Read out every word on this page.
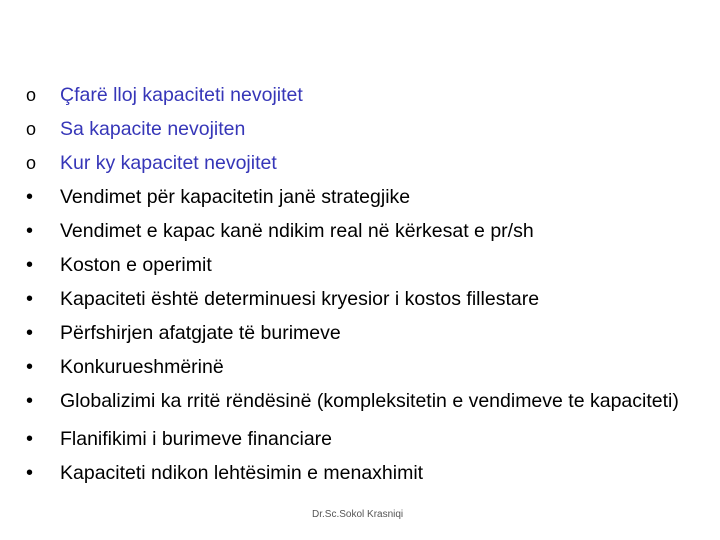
o	Çfarë lloj kapaciteti nevojitet
o	Sa kapacite nevojiten
o	Kur ky kapacitet nevojitet
•	Vendimet për kapacitetin janë strategjike
•	Vendimet e kapac kanë ndikim real në kërkesat e pr/sh
•	Koston e operimit
•	Kapaciteti është determinuesi kryesior i kostos fillestare
•	Përfshirjen afatgjate të burimeve
•	Konkurueshmërinë
•	Globalizimi ka rritë rëndësinë (kompleksitetin e vendimeve te kapaciteti)
•	Flanifikimi i burimeve financiare
•	Kapaciteti ndikon lehtësimin e menaxhimit
Dr.Sc.Sokol Krasniqi
